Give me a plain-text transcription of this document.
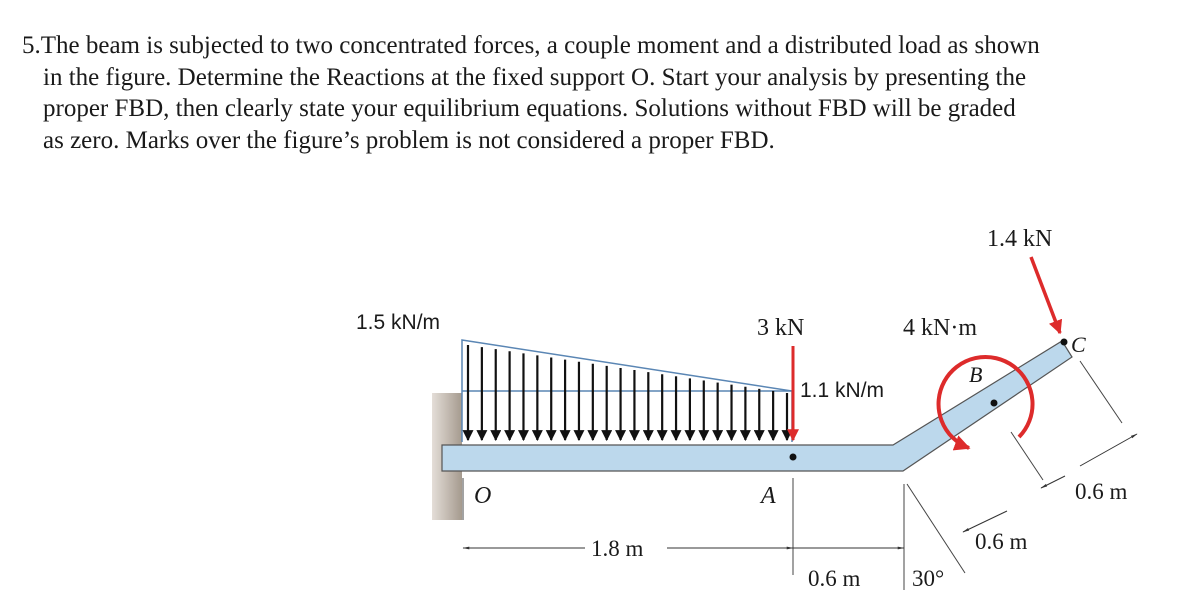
5.The beam is subjected to two concentrated forces, a couple moment and a distributed load as shown
in the figure. Determine the Reactions at the fixed support O. Start your analysis by presenting the
proper FBD, then clearly state your equilibrium equations. Solutions without FBD will be graded
as zero. Marks over the figure’s problem is not considered a proper FBD.
1.5 kN/m
1.1 kN/m
3 kN	4 kN·m
1.4 kN
O	A
B
C
1.8 m
0.6 m 30°
0.6 m
0.6 m
